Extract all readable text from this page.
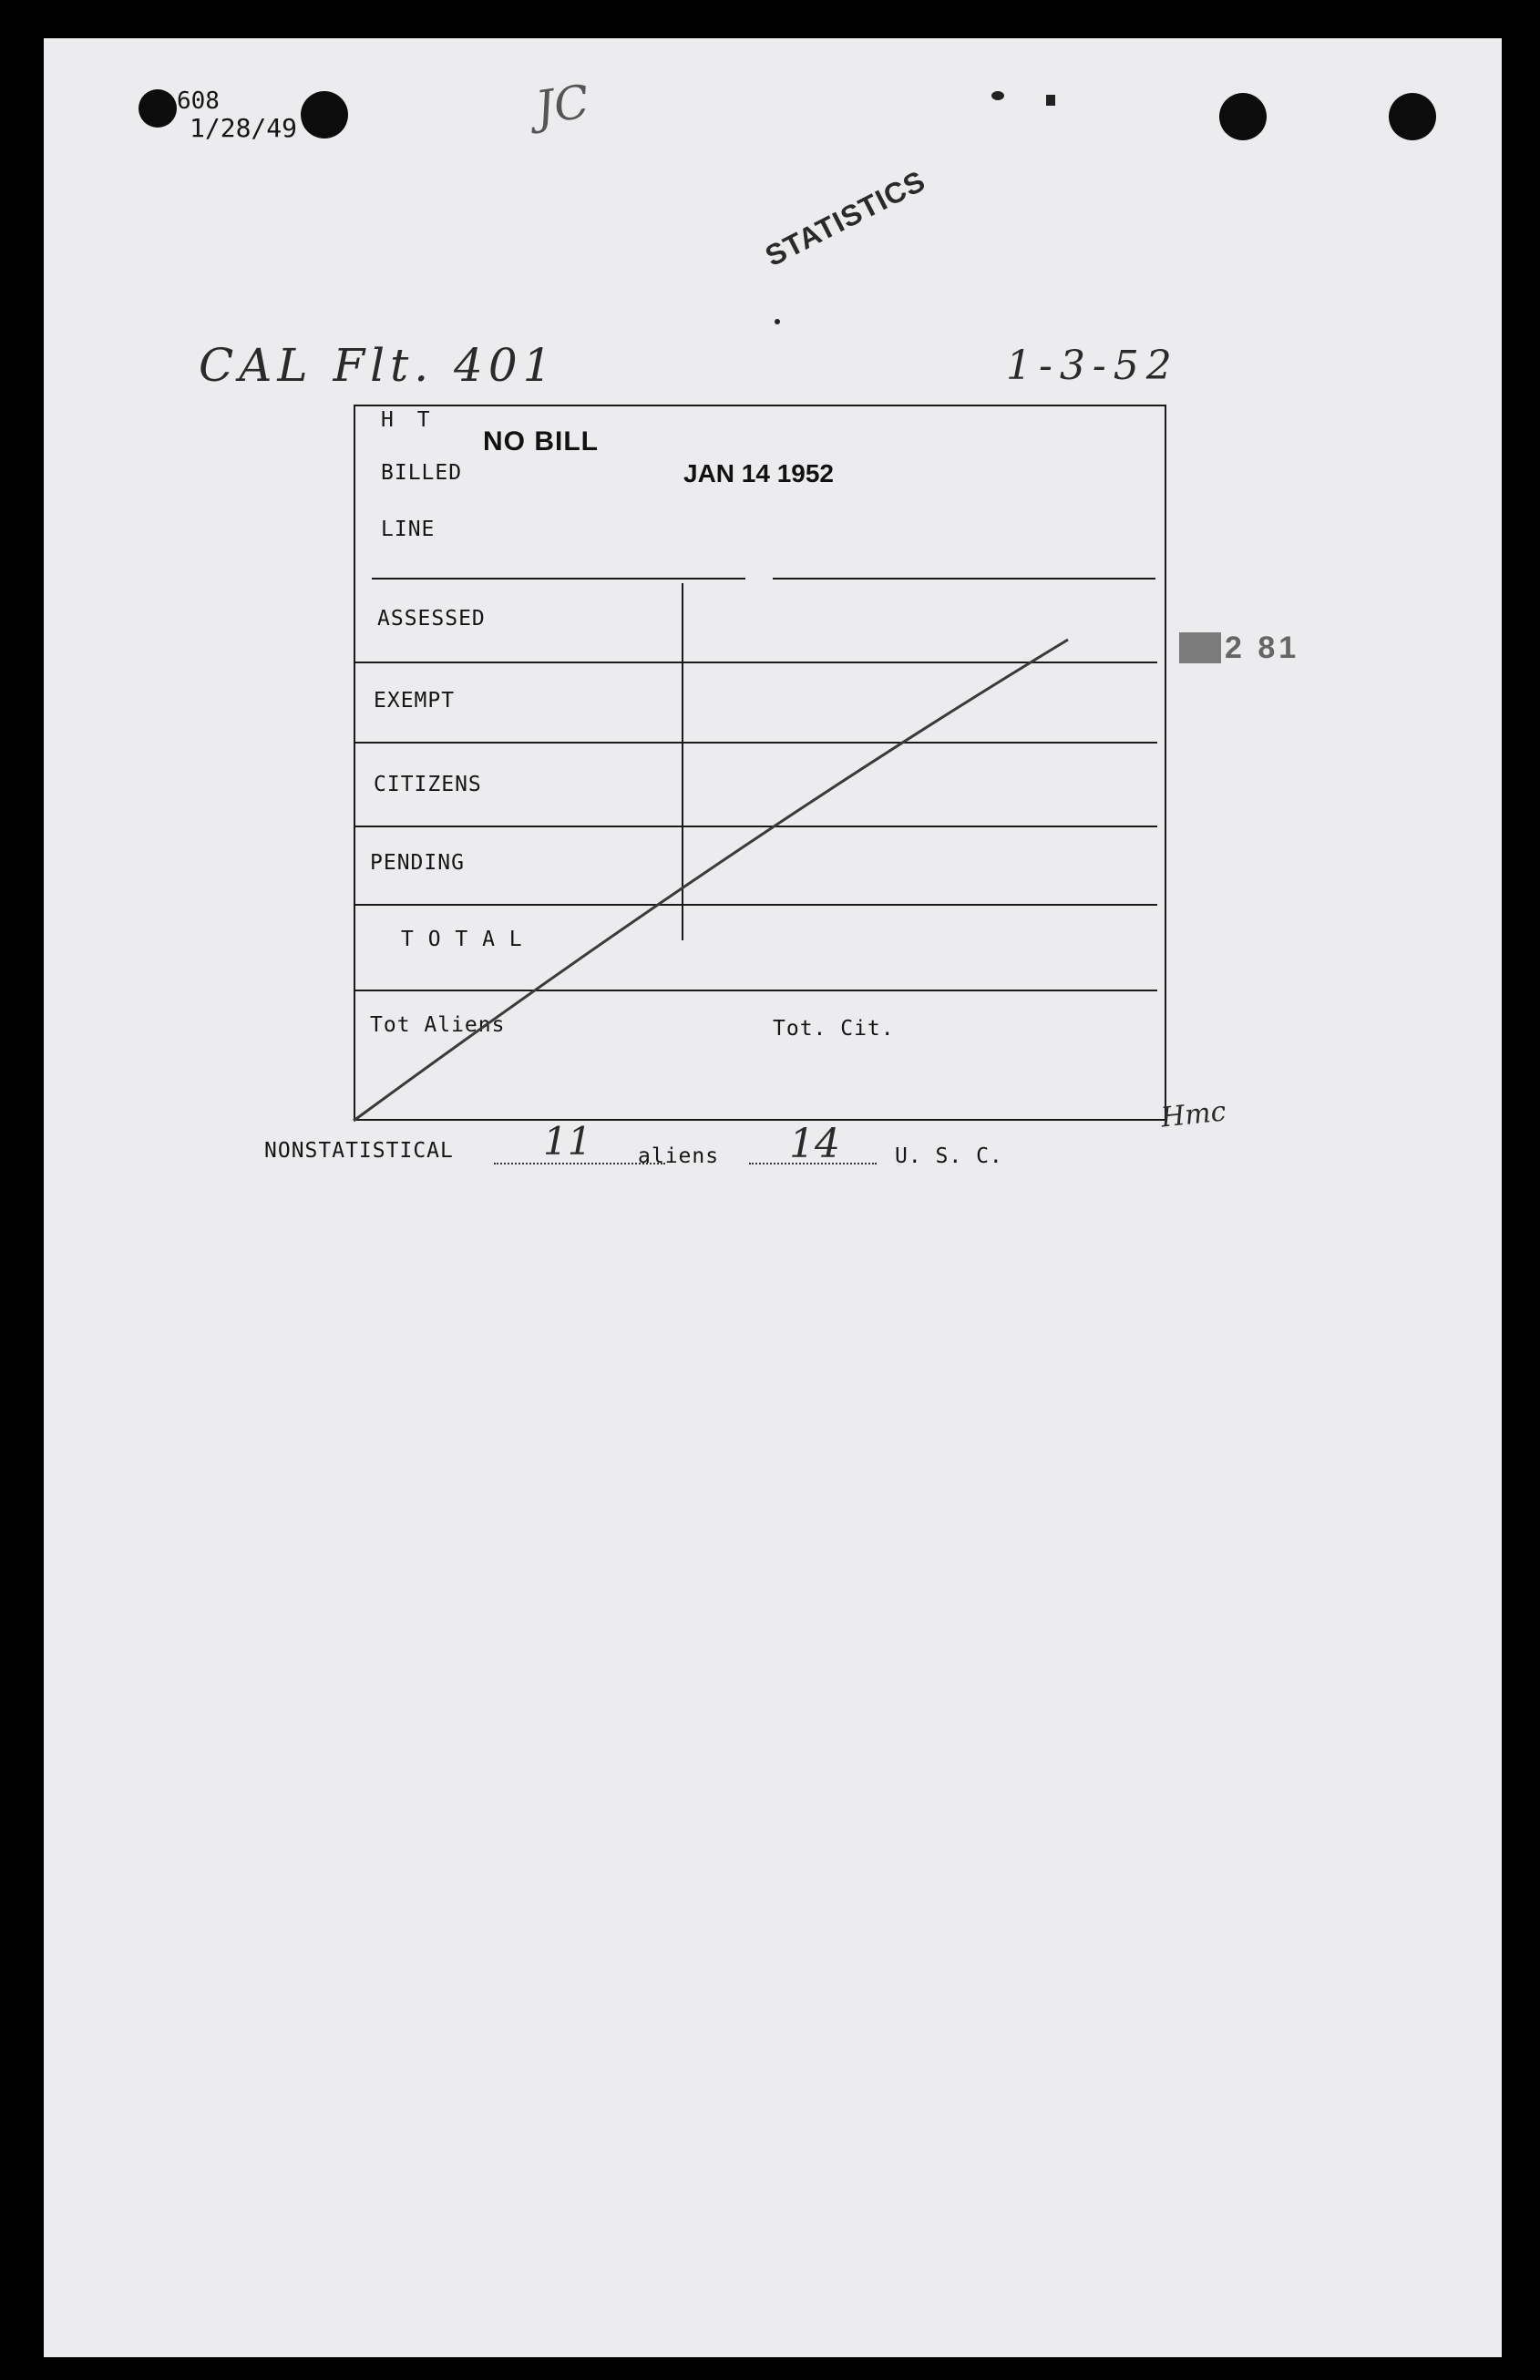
608
1/28/49	JC
STATISTICS
CAL Flt. 401	1-3-52
H T
BILLED
LINE
NO BILL
JAN 14 1952
ASSESSED
EXEMPT
CITIZENS
PENDING
T O T A L
Tot Aliens	Tot. Cit.
2 81
Hmc
NONSTATISTICAL 11 aliens 14	U. S. C.
